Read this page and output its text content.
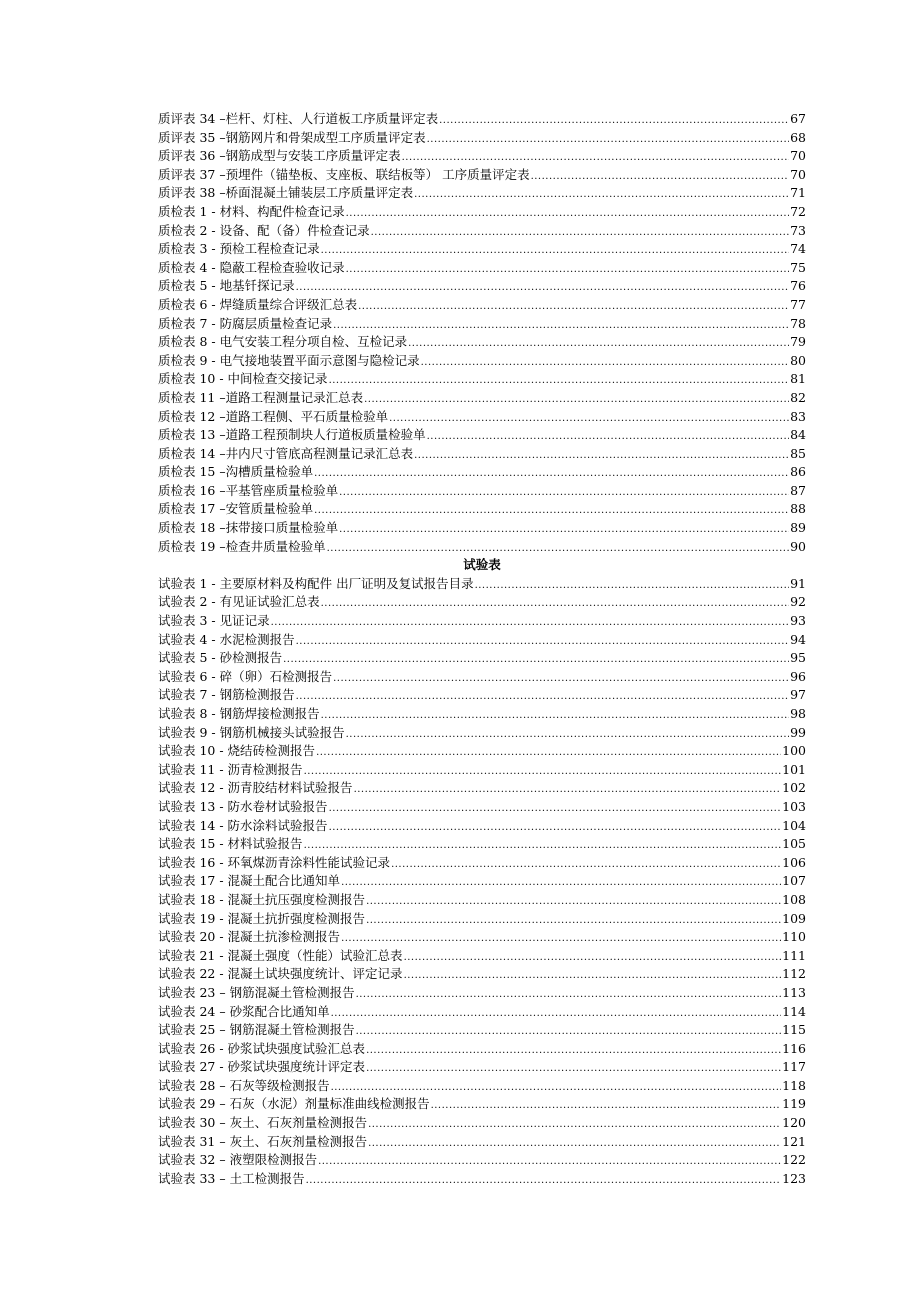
质评表 34 –栏杆、灯柱、人行道板工序质量评定表 .....	67
质评表 35 –钢筋网片和骨架成型工序质量评定表 .....	68
质评表 36 –钢筋成型与安装工序质量评定表 .....	70
质评表 37 –预埋件（锚垫板、支座板、联结板等） 工序质量评定表 .....	70
质评表 38 –桥面混凝土铺装层工序质量评定表 .....	71
质检表 1 - 材料、构配件检查记录 .....	72
质检表 2 - 设备、配（备）件检查记录 .....	73
质检表 3 - 预检工程检查记录 .....	74
质检表 4 - 隐蔽工程检查验收记录 .....	75
质检表 5 - 地基钎探记录 .....	76
质检表 6 - 焊缝质量综合评级汇总表 .....	77
质检表 7 - 防腐层质量检查记录 .....	78
质检表 8 - 电气安装工程分项自检、互检记录 .....	79
质检表 9 - 电气接地装置平面示意图与隐检记录 .....	80
质检表 10 - 中间检查交接记录 .....	81
质检表 11 –道路工程测量记录汇总表 .....	82
质检表 12 –道路工程侧、平石质量检验单 .....	83
质检表 13 –道路工程预制块人行道板质量检验单 .....	84
质检表 14 –井内尺寸管底高程测量记录汇总表 .....	85
质检表 15 –沟槽质量检验单 .....	86
质检表 16 –平基管座质量检验单 .....	87
质检表 17 –安管质量检验单 .....	88
质检表 18 –抹带接口质量检验单 .....	89
质检表 19 –检查井质量检验单 .....	90
试验表
试验表 1 - 主要原材料及构配件 出厂证明及复试报告目录 .....	91
试验表 2 - 有见证试验汇总表 .....	92
试验表 3 - 见证记录 .....	93
试验表 4 - 水泥检测报告 .....	94
试验表 5 - 砂检测报告 .....	95
试验表 6 - 碎（卵）石检测报告 .....	96
试验表 7 - 钢筋检测报告 .....	97
试验表 8 - 钢筋焊接检测报告 .....	98
试验表 9 - 钢筋机械接头试验报告 .....	99
试验表 10 - 烧结砖检测报告 .....	100
试验表 11 - 沥青检测报告 .....	101
试验表 12 - 沥青胶结材料试验报告 .....	102
试验表 13 - 防水卷材试验报告 .....	103
试验表 14 - 防水涂料试验报告 .....	104
试验表 15 - 材料试验报告 .....	105
试验表 16 - 环氧煤沥青涂料性能试验记录 .....	106
试验表 17 - 混凝土配合比通知单 .....	107
试验表 18 - 混凝土抗压强度检测报告 .....	108
试验表 19 - 混凝土抗折强度检测报告 .....	109
试验表 20 - 混凝土抗渗检测报告 .....	110
试验表 21 - 混凝土强度（性能）试验汇总表 .....	111
试验表 22 - 混凝土试块强度统计、评定记录 .....	112
试验表 23 – 钢筋混凝土管检测报告 .....	113
试验表 24 – 砂浆配合比通知单 .....	114
试验表 25 – 钢筋混凝土管检测报告 .....	115
试验表 26 - 砂浆试块强度试验汇总表 .....	116
试验表 27 - 砂浆试块强度统计评定表 .....	117
试验表 28 – 石灰等级检测报告 .....	118
试验表 29 – 石灰（水泥）剂量标准曲线检测报告 .....	119
试验表 30 – 灰土、石灰剂量检测报告 .....	120
试验表 31 – 灰土、石灰剂量检测报告 .....	121
试验表 32 – 液塑限检测报告 .....	122
试验表 33 – 土工检测报告 .....	123
